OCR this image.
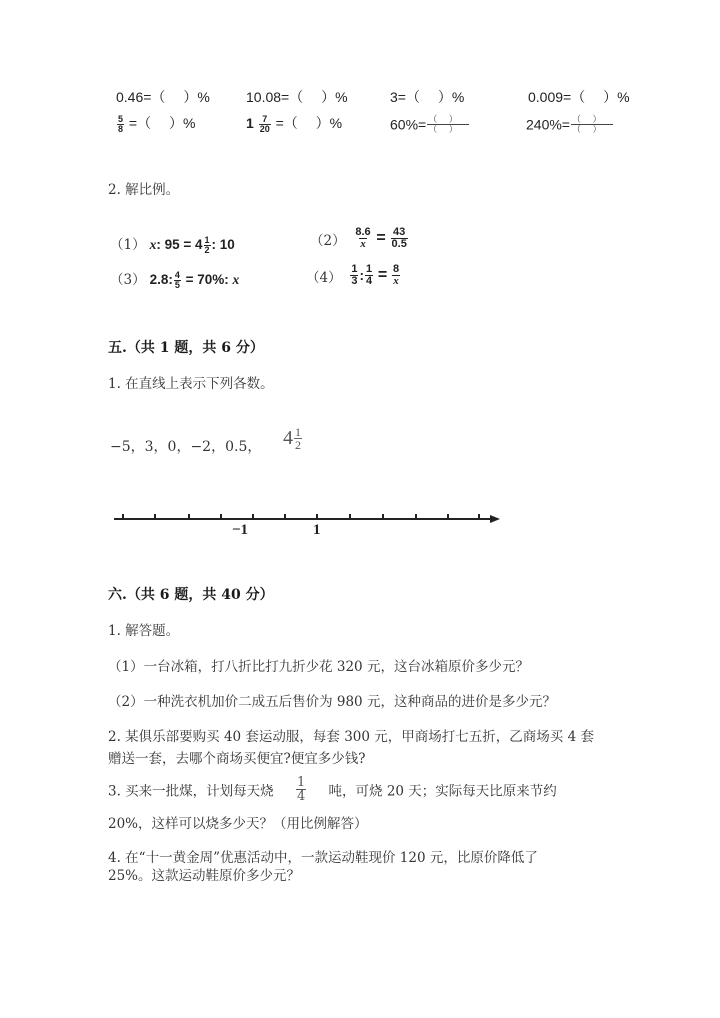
0.46=（　 ）%	10.08=（　 ）%	3=（　 ）%	0.009=（　 ）%
$\frac{5}{8}$ =（　 ）%	$1 \frac{7}{20}$ =（　 ）%	$60\%= \frac{( )}{( )}$	$240\%= \frac{( )}{( )}$
2. 解比例。
（1） x: $95 = 4 \frac{1}{2}$ : 10	$(2) \frac{8.6}{x} = \frac{43}{0.5}$
（3） 2.8: $\frac{4}{5} = 70\%$: x	$(4) \frac{1}{3}$ : $\frac{1}{4} = \frac{8}{x}$
五.（共 1 题，共 6 分）
1. 在直线上表示下列各数。
−5，3，0，−2，0.5， $4 \frac{1}{2}$
−1	1
六.（共 6 题，共 40 分）
1. 解答题。
（1）一台冰箱，打八折比打九折少花 320 元，这台冰箱原价多少元？
（2）一种洗衣机加价二成五后售价为 980 元，这种商品的进价是多少元？
2. 某俱乐部要购买 40 套运动服，每套 300 元，甲商场打七五折，乙商场买 4 套
赠送一套，去哪个商场买便宜?便宜多少钱?
3. 买来一批煤，计划每天烧 $\frac{1}{4}$ 吨，可烧 20 天；实际每天比原来节约
20%，这样可以烧多少天？（用比例解答）
4. 在“十一黄金周”优惠活动中，一款运动鞋现价 120 元，比原价降低了
25%。这款运动鞋原价多少元？
